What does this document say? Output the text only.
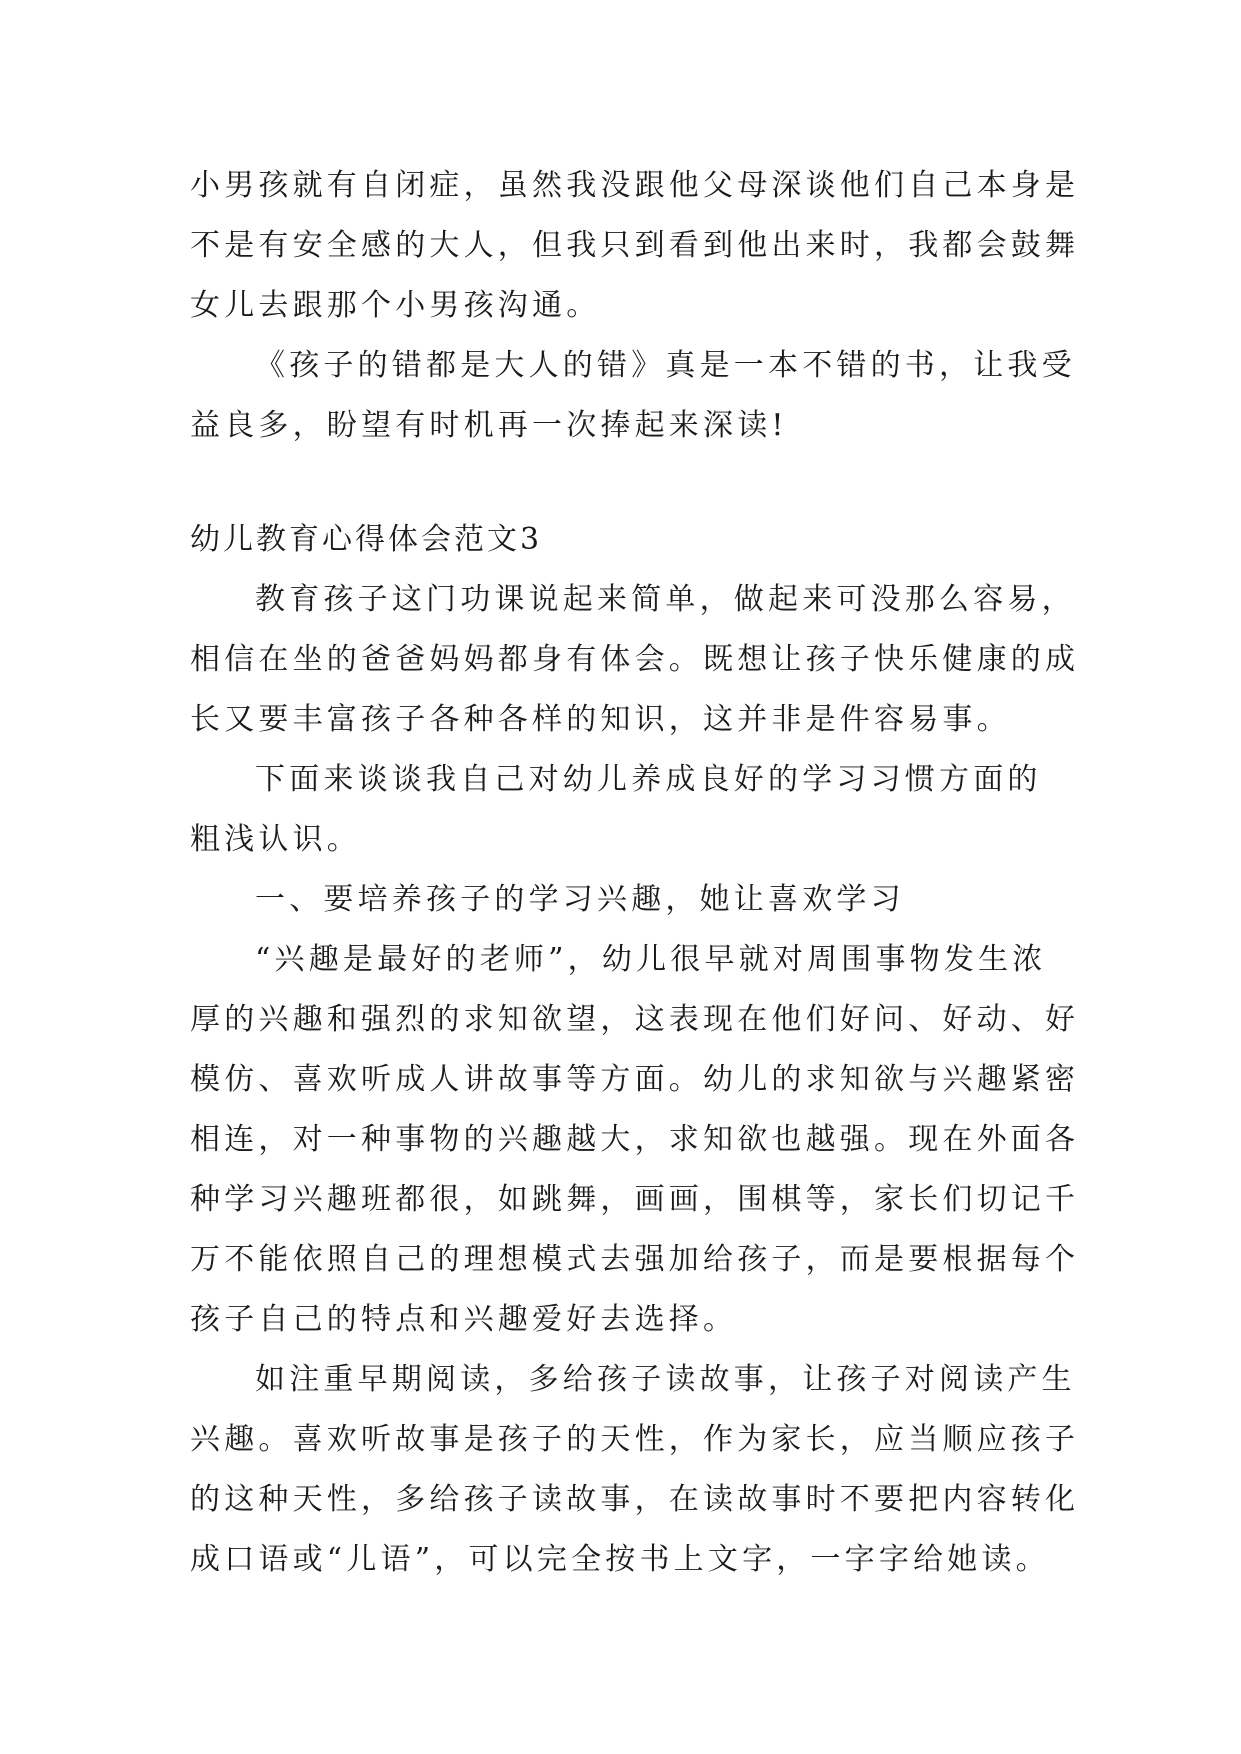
小男孩就有自闭症，虽然我没跟他父母深谈他们自己本身是
不是有安全感的大人，但我只到看到他出来时，我都会鼓舞
女儿去跟那个小男孩沟通。
《孩子的错都是大人的错》真是一本不错的书，让我受
益良多，盼望有时机再一次捧起来深读!
幼儿教育心得体会范文3
教育孩子这门功课说起来简单，做起来可没那么容易，
相信在坐的爸爸妈妈都身有体会。既想让孩子快乐健康的成
长又要丰富孩子各种各样的知识，这并非是件容易事。
下面来谈谈我自己对幼儿养成良好的学习习惯方面的
粗浅认识。
一、要培养孩子的学习兴趣，她让喜欢学习
“兴趣是最好的老师”，幼儿很早就对周围事物发生浓
厚的兴趣和强烈的求知欲望，这表现在他们好问、好动、好
模仿、喜欢听成人讲故事等方面。幼儿的求知欲与兴趣紧密
相连，对一种事物的兴趣越大，求知欲也越强。现在外面各
种学习兴趣班都很，如跳舞，画画，围棋等，家长们切记千
万不能依照自己的理想模式去强加给孩子，而是要根据每个
孩子自己的特点和兴趣爱好去选择。
如注重早期阅读，多给孩子读故事，让孩子对阅读产生
兴趣。喜欢听故事是孩子的天性，作为家长，应当顺应孩子
的这种天性，多给孩子读故事，在读故事时不要把内容转化
成口语或“儿语”，可以完全按书上文字，一字字给她读。
